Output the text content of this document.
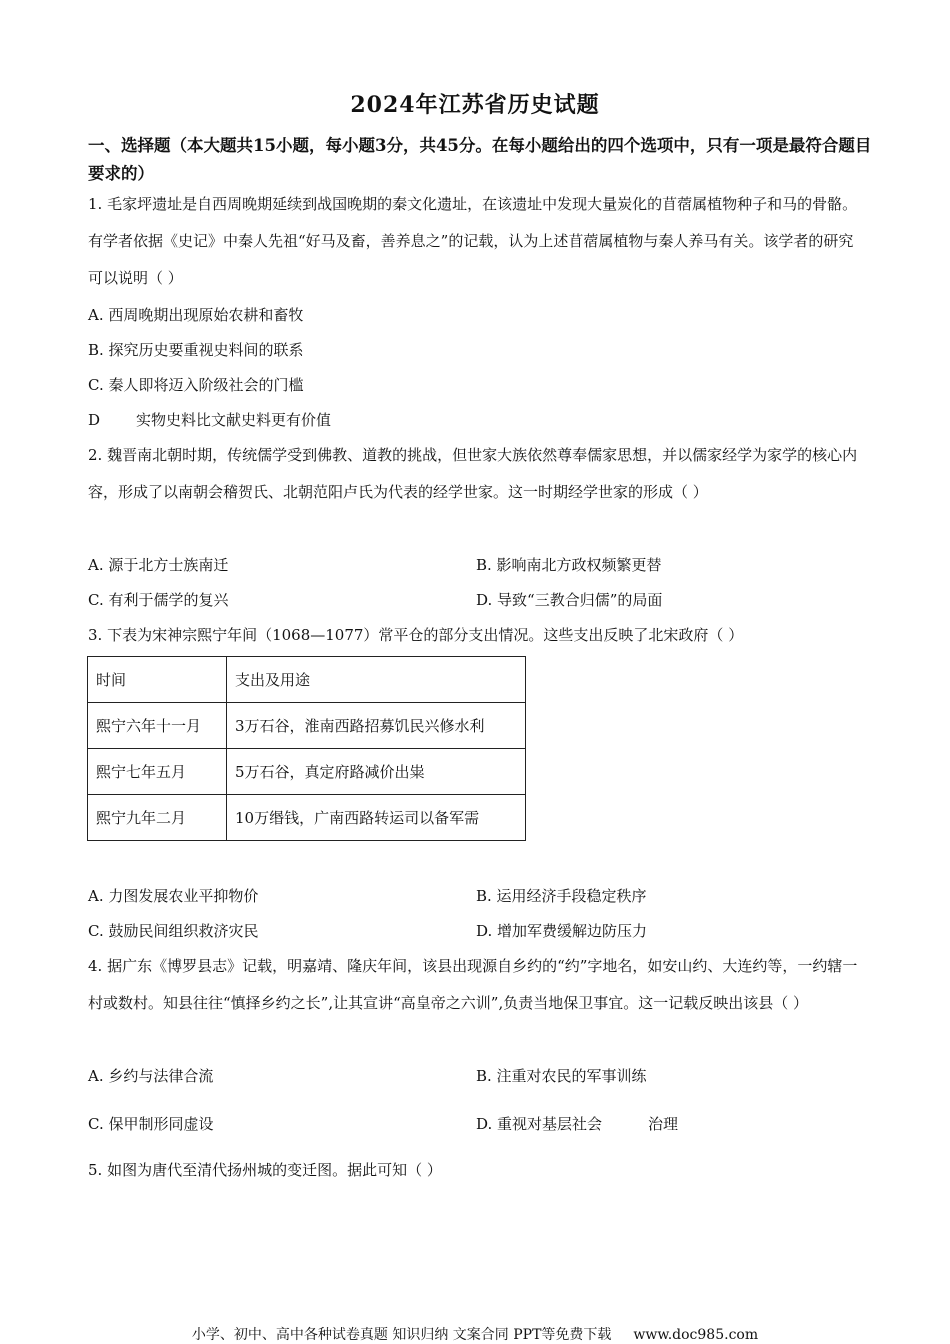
2024年江苏省历史试题
一、选择题（本大题共15小题，每小题3分，共45分。在每小题给出的四个选项中，只有一项是最符合题目要求的）
1. 毛家坪遗址是自西周晚期延续到战国晚期的秦文化遗址，在该遗址中发现大量炭化的苜蓿属植物种子和马的骨骼。有学者依据《史记》中秦人先祖“好马及畜，善养息之”的记载，认为上述苜蓿属植物与秦人养马有关。该学者的研究可以说明（ ）
A. 西周晚期出现原始农耕和畜牧
B. 探究历史要重视史料间的联系
C. 秦人即将迈入阶级社会的门槛
D 实物史料比文献史料更有价值
2. 魏晋南北朝时期，传统儒学受到佛教、道教的挑战，但世家大族依然尊奉儒家思想，并以儒家经学为家学的核心内容，形成了以南朝会稽贺氏、北朝范阳卢氏为代表的经学世家。这一时期经学世家的形成（ ）
A. 源于北方士族南迁	B. 影响南北方政权频繁更替
C. 有利于儒学的复兴	D. 导致“三教合归儒”的局面
3. 下表为宋神宗熙宁年间（1068—1077）常平仓的部分支出情况。这些支出反映了北宋政府（ ）
时间	支出及用途
熙宁六年十一月	3万石谷，淮南西路招募饥民兴修水利
熙宁七年五月	5万石谷，真定府路减价出粜
熙宁九年二月	10万缗钱，广南西路转运司以备军需
A. 力图发展农业平抑物价	B. 运用经济手段稳定秩序
C. 鼓励民间组织救济灾民	D. 增加军费缓解边防压力
4. 据广东《博罗县志》记载，明嘉靖、隆庆年间，该县出现源自乡约的“约”字地名，如安山约、大连约等，一约辖一村或数村。知县往往“慎择乡约之长”,让其宣讲“高皇帝之六训”,负责当地保卫事宜。这一记载反映出该县（ ）
A. 乡约与法律合流	B. 注重对农民的军事训练
C. 保甲制形同虚设	D. 重视对基层社会	治理
5. 如图为唐代至清代扬州城的变迁图。据此可知（ ）
小学、初中、高中各种试卷真题 知识归纳 文案合同 PPT等免费下载 www.doc985.com
